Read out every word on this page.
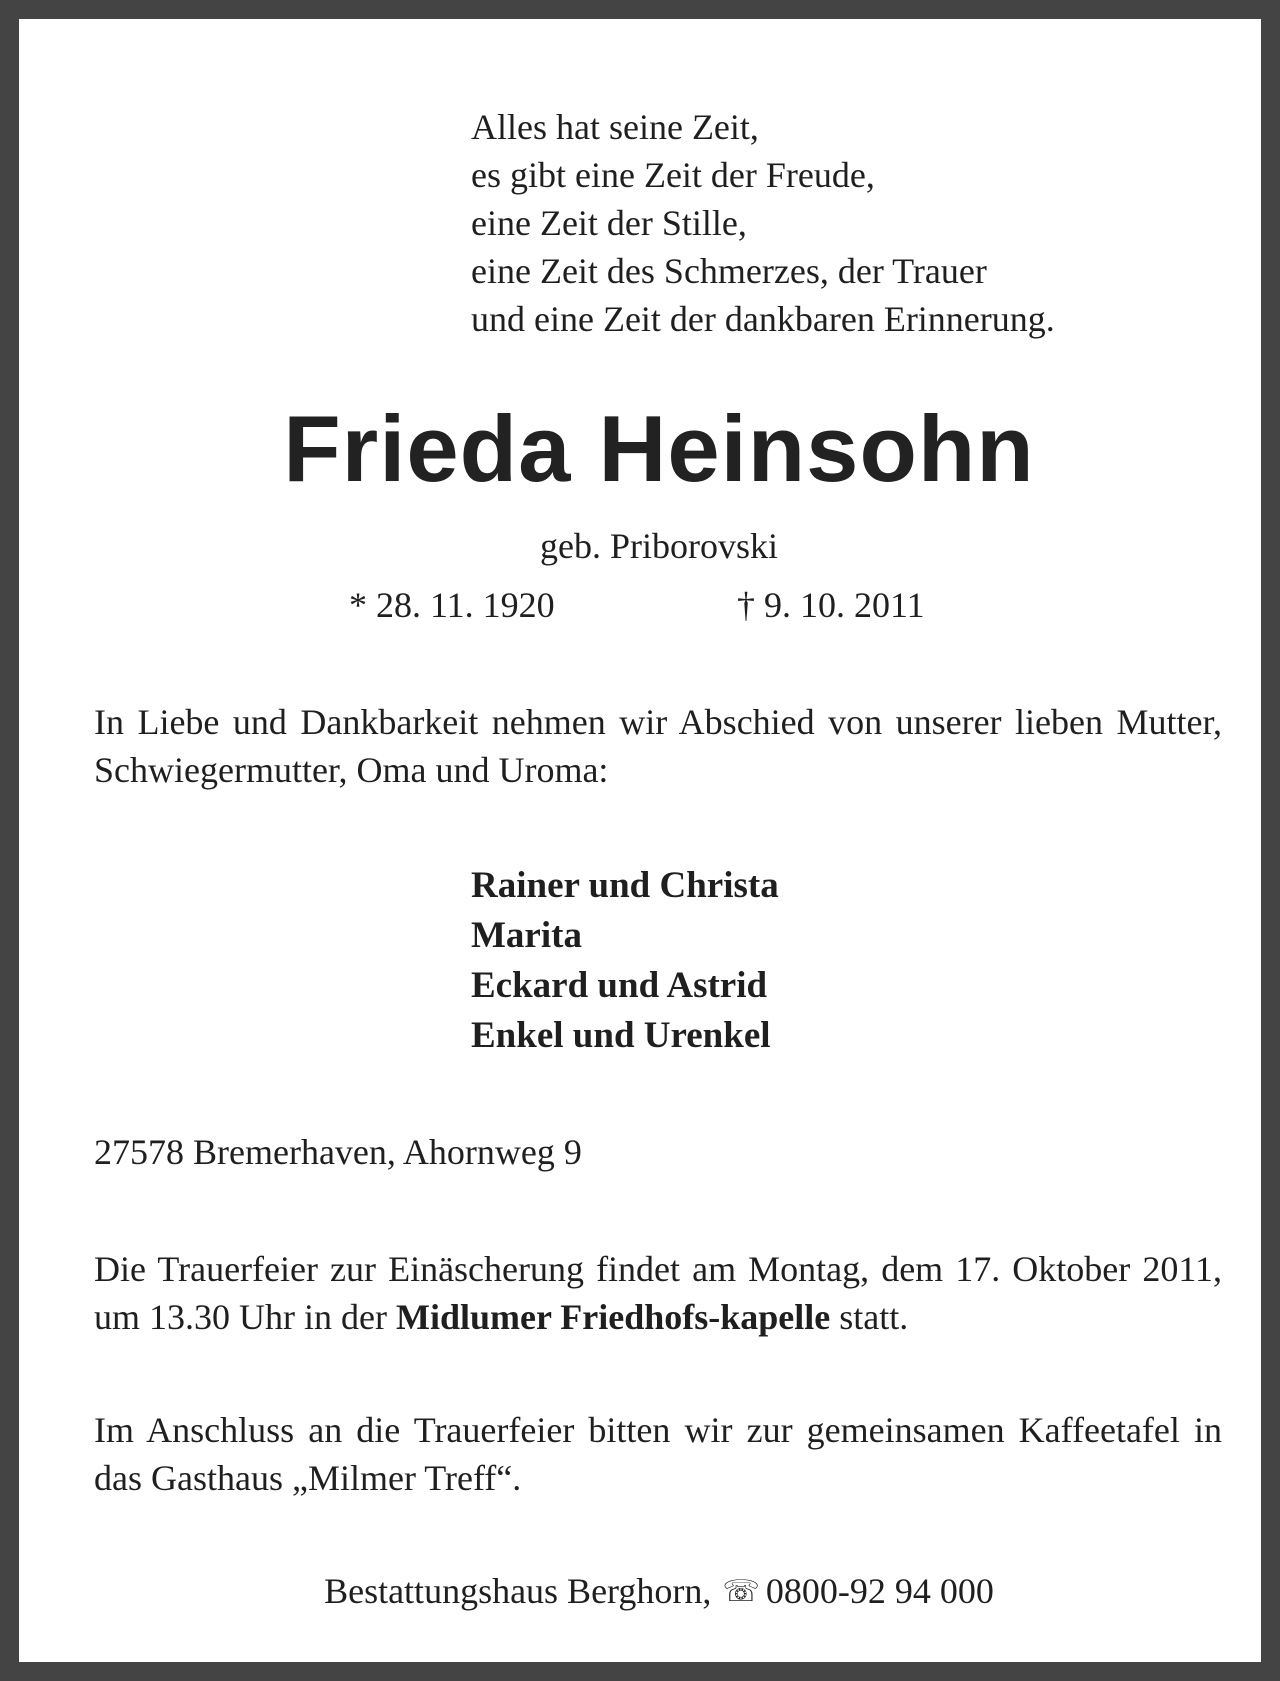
Alles hat seine Zeit,
es gibt eine Zeit der Freude,
eine Zeit der Stille,
eine Zeit des Schmerzes, der Trauer
und eine Zeit der dankbaren Erinnerung.
Frieda Heinsohn
geb. Priborovski
* 28. 11. 1920	† 9. 10. 2011
In Liebe und Dankbarkeit nehmen wir Abschied von unserer lieben Mutter, Schwiegermutter, Oma und Uroma:
Rainer und Christa
Marita
Eckard und Astrid
Enkel und Urenkel
27578 Bremerhaven, Ahornweg 9
Die Trauerfeier zur Einäscherung findet am Montag, dem 17. Oktober 2011, um 13.30 Uhr in der Midlumer Friedhofs-kapelle statt.
Im Anschluss an die Trauerfeier bitten wir zur gemeinsamen Kaffeetafel in das Gasthaus „Milmer Treff“.
Bestattungshaus Berghorn, ☏ 0800-92 94 000
